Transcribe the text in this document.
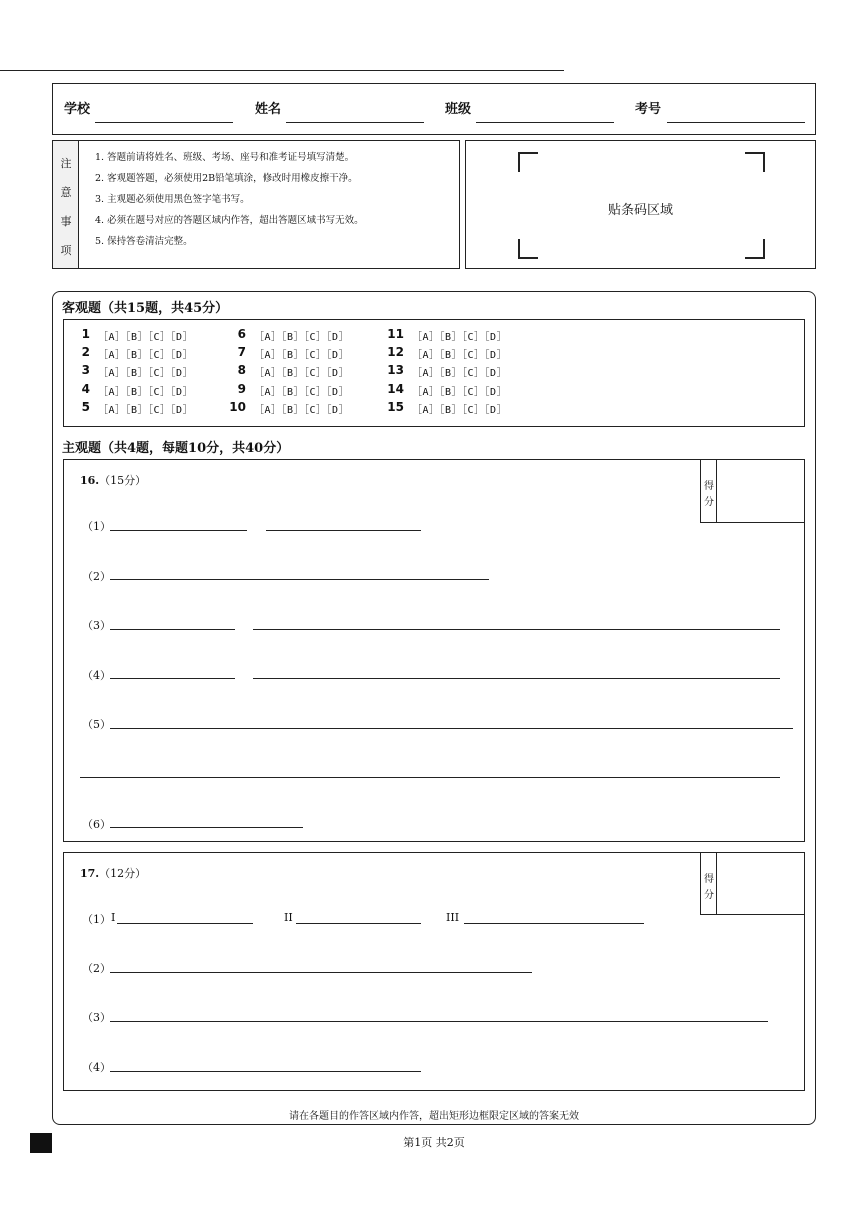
学校	姓名	班级	考号
注
意
事
项
1. 答题前请将姓名、班级、考场、座号和准考证号填写清楚。
2. 客观题答题，必须使用2B铅笔填涂，修改时用橡皮擦干净。
3. 主观题必须使用黑色签字笔书写。
4. 必须在题号对应的答题区域内作答，超出答题区域书写无效。
5. 保持答卷清洁完整。
贴条码区域
客观题（共15题，共45分）
1 ［A］［B］［C］［D］
2 ［A］［B］［C］［D］
3 ［A］［B］［C］［D］
4 ［A］［B］［C］［D］
5 ［A］［B］［C］［D］
6 ［A］［B］［C］［D］
7 ［A］［B］［C］［D］
8 ［A］［B］［C］［D］
9 ［A］［B］［C］［D］
10 ［A］［B］［C］［D］
11 ［A］［B］［C］［D］
12 ［A］［B］［C］［D］
13 ［A］［B］［C］［D］
14 ［A］［B］［C］［D］
15 ［A］［B］［C］［D］
主观题（共4题，每题10分，共40分）
得
分
16.（15分）
（1）
（2）
（3）
（4）
（5）
（6）
得
分
17.（12分）
（1） I	II	III
（2）
（3）
（4）
请在各题目的作答区域内作答，超出矩形边框限定区域的答案无效
第1页 共2页
